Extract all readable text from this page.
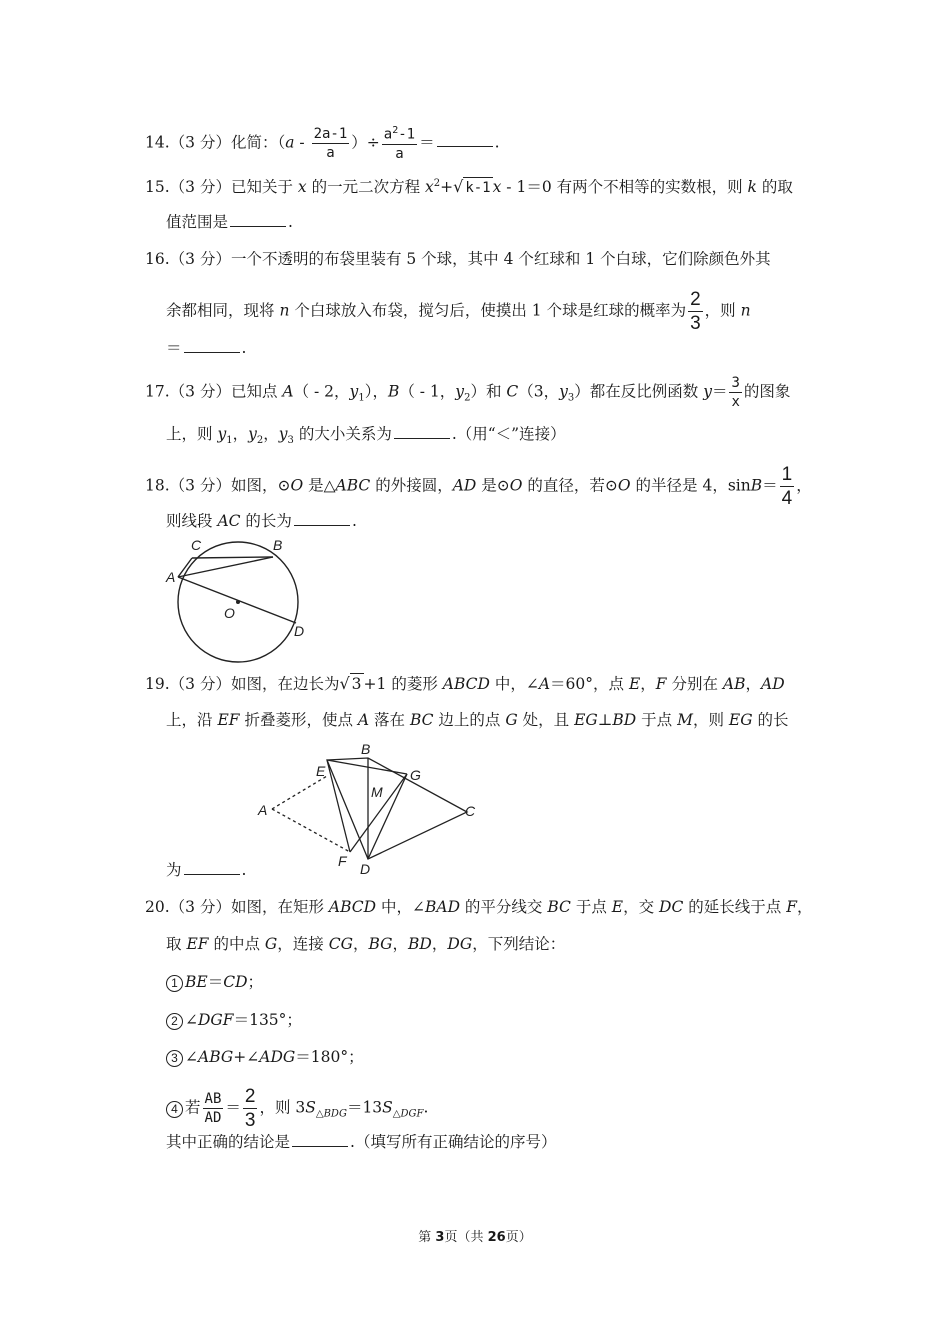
14.（3 分）化简：（$a - \frac{2a-1}{a}$ ）÷ $\frac{a^2-1}{a}$ ＝	.
15.（3 分）已知关于 x 的一元二次方程 $x^2+√$ k-1 x - 1＝0 有两个不相等的实数根，则 k 的取
值范围是	.
16.（3 分）一个不透明的布袋里装有 5 个球，其中 4 个红球和 1 个白球，它们除颜色外其
余都相同，现将 n 个白球放入布袋，搅匀后，使摸出 1 个球是红球的概率为 $\frac{2}{3}$ ，则 n
＝	.
17.（3 分）已知点 A（ - 2，$y_1$），B（ - 1，$y_2$）和 C（3，$y_3$）都在反比例函数 $y= \frac{3}{x}$ 的图象
上，则 $y_1$，$y_2$，$y_3$ 的大小关系为	.（用“＜”连接）
18.（3 分）如图，⊙O 是△ABC 的外接圆，AD 是⊙O 的直径，若⊙O 的半径是 4，$\sin B= \frac{1}{4}$ ，
则线段 AC 的长为	.
C	B
A
O
D
19.（3 分）如图，在边长为√ 3 +1 的菱形 ABCD 中，∠A＝60°，点 E，F 分别在 AB，AD
上，沿 EF 折叠菱形，使点 A 落在 BC 边上的点 G 处，且 EG⊥BD 于点 M，则 EG 的长
B
E	G
M
A	C
F D
为	.
20.（3 分）如图，在矩形 ABCD 中，∠BAD 的平分线交 BC 于点 E，交 DC 的延长线于点 F，
取 EF 的中点 G，连接 CG，BG，BD，DG，下列结论：
1 BE＝CD；
2 ∠DGF＝135°；
3 ∠ABG+∠ADG＝180°；
4 若 $\frac{AB}{AD} = \frac{2}{3}$ ，则 $3S_{\triangle BDG}=13S_{\triangle DGF}$.
其中正确的结论是	.（填写所有正确结论的序号）
第 3页（共 26页）
